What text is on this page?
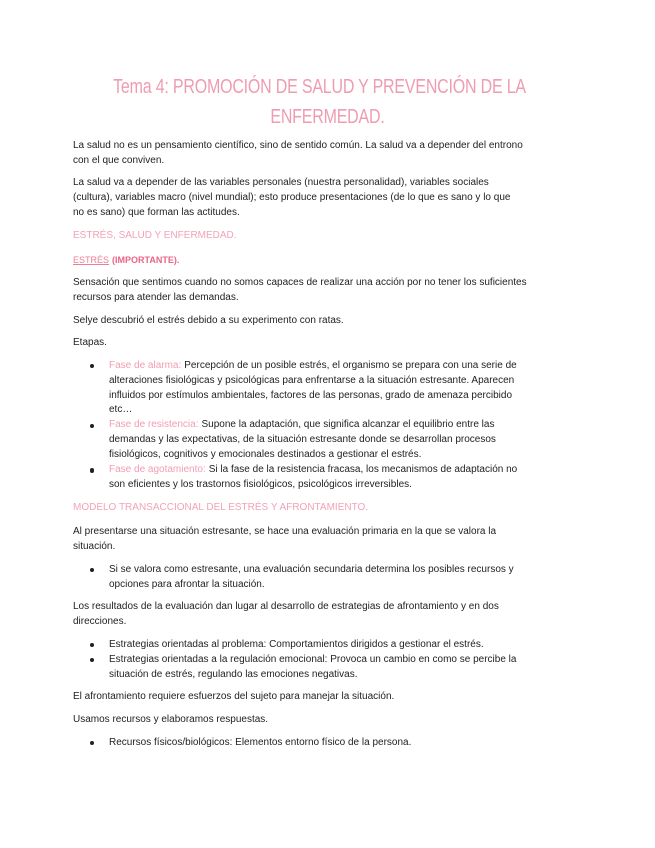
Tema 4: PROMOCIÓN DE SALUD Y PREVENCIÓN DE LA
ENFERMEDAD.

La salud no es un pensamiento científico, sino de sentido común. La salud va a depender del entrono
con el que conviven.

La salud va a depender de las variables personales (nuestra personalidad), variables sociales
(cultura), variables macro (nivel mundial); esto produce presentaciones (de lo que es sano y lo que
no es sano) que forman las actitudes.

ESTRÉS, SALUD Y ENFERMEDAD.

ESTRÉS (IMPORTANTE).

Sensación que sentimos cuando no somos capaces de realizar una acción por no tener los suficientes
recursos para atender las demandas.

Selye descubrió el estrés debido a su experimento con ratas.

Etapas.

Fase de alarma: Percepción de un posible estrés, el organismo se prepara con una serie de
alteraciones fisiológicas y psicológicas para enfrentarse a la situación estresante. Aparecen
influidos por estímulos ambientales, factores de las personas, grado de amenaza percibido
etc…
Fase de resistencia: Supone la adaptación, que significa alcanzar el equilibrio entre las
demandas y las expectativas, de la situación estresante donde se desarrollan procesos
fisiológicos, cognitivos y emocionales destinados a gestionar el estrés.
Fase de agotamiento: Si la fase de la resistencia fracasa, los mecanismos de adaptación no
son eficientes y los trastornos fisiológicos, psicológicos irreversibles.
MODELO TRANSACCIONAL DEL ESTRÉS Y AFRONTAMIENTO.

Al presentarse una situación estresante, se hace una evaluación primaria en la que se valora la
situación.

Si se valora como estresante, una evaluación secundaria determina los posibles recursos y
opciones para afrontar la situación.

Los resultados de la evaluación dan lugar al desarrollo de estrategias de afrontamiento y en dos
direcciones.

Estrategias orientadas al problema: Comportamientos dirigidos a gestionar el estrés.
Estrategias orientadas a la regulación emocional: Provoca un cambio en como se percibe la
situación de estrés, regulando las emociones negativas.

El afrontamiento requiere esfuerzos del sujeto para manejar la situación.

Usamos recursos y elaboramos respuestas.

Recursos físicos/biológicos: Elementos entorno físico de la persona.
